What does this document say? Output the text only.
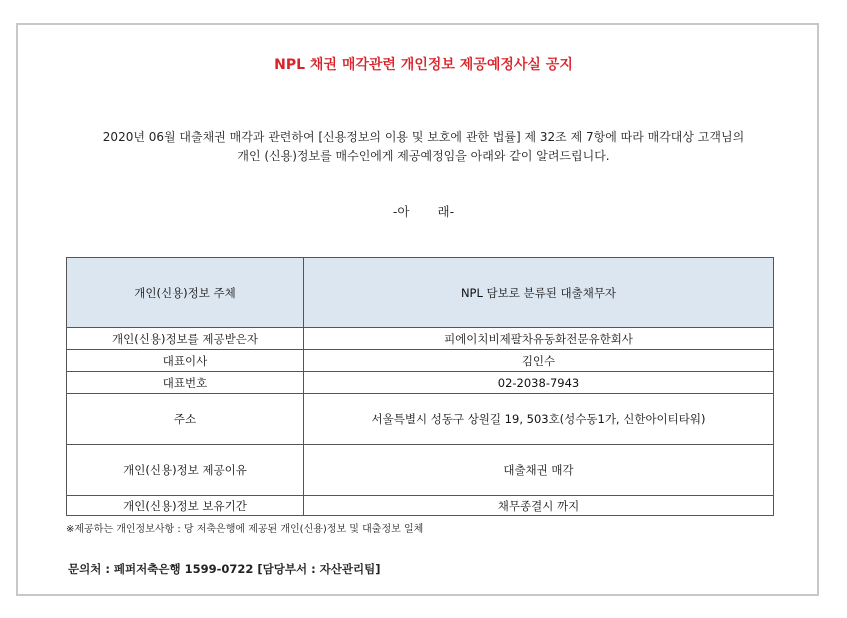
NPL 채권 매각관련 개인정보 제공예정사실 공지
2020년 06월 대출채권 매각과 관련하여 [신용정보의 이용 및 보호에 관한 법률] 제 32조 제 7항에 따라 매각대상 고객님의
개인 (신용)정보를 매수인에게 제공예정임을 아래와 같이 알려드립니다.
-아 래-
개인(신용)정보 주체	NPL 담보로 분류된 대출채무자
개인(신용)정보를 제공받은자	피에이치비제팔차유동화전문유한회사
대표이사	김인수
대표번호	02-2038-7943
주소	서울특별시 성동구 상원길 19, 503호(성수동1가, 신한아이티타워)
개인(신용)정보 제공이유	대출채권 매각
개인(신용)정보 보유기간	채무종결시 까지
※제공하는 개인정보사항 : 당 저축은행에 제공된 개인(신용)정보 및 대출정보 일체
문의처 : 페퍼저축은행 1599-0722 [담당부서 : 자산관리팀]
